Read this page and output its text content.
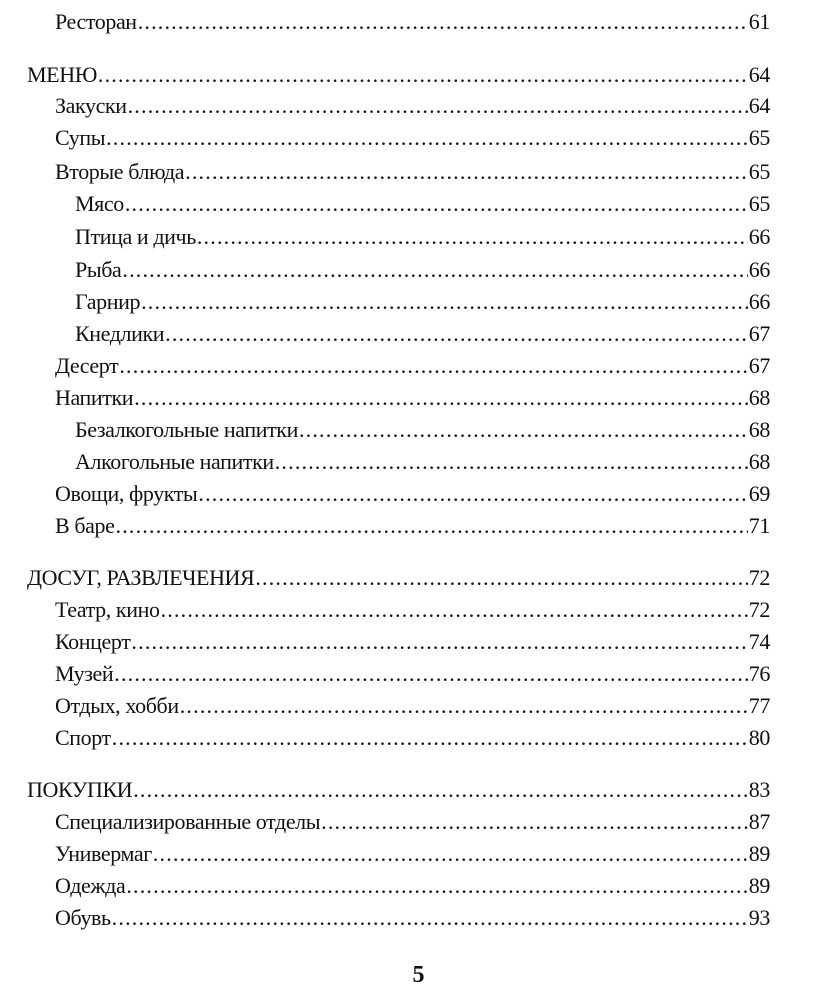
Ресторан .....	61
МЕНЮ .....	64
Закуски .....	64
Супы .....	65
Вторые блюда .....	65
Мясо .....	65
Птица и дичь .....	66
Рыба .....	66
Гарнир .....	66
Кнедлики .....	67
Десерт .....	67
Напитки .....	68
Безалкогольные напитки .....	68
Алкогольные напитки .....	68
Овощи, фрукты .....	69
В баре .....	71
ДОСУГ, РАЗВЛЕЧЕНИЯ .....	72
Театр, кино .....	72
Концерт .....	74
Музей .....	76
Отдых, хобби .....	77
Спорт .....	80
ПОКУПКИ .....	83
Специализированные отделы .....	87
Универмаг .....	89
Одежда .....	89
Обувь .....	93
5
